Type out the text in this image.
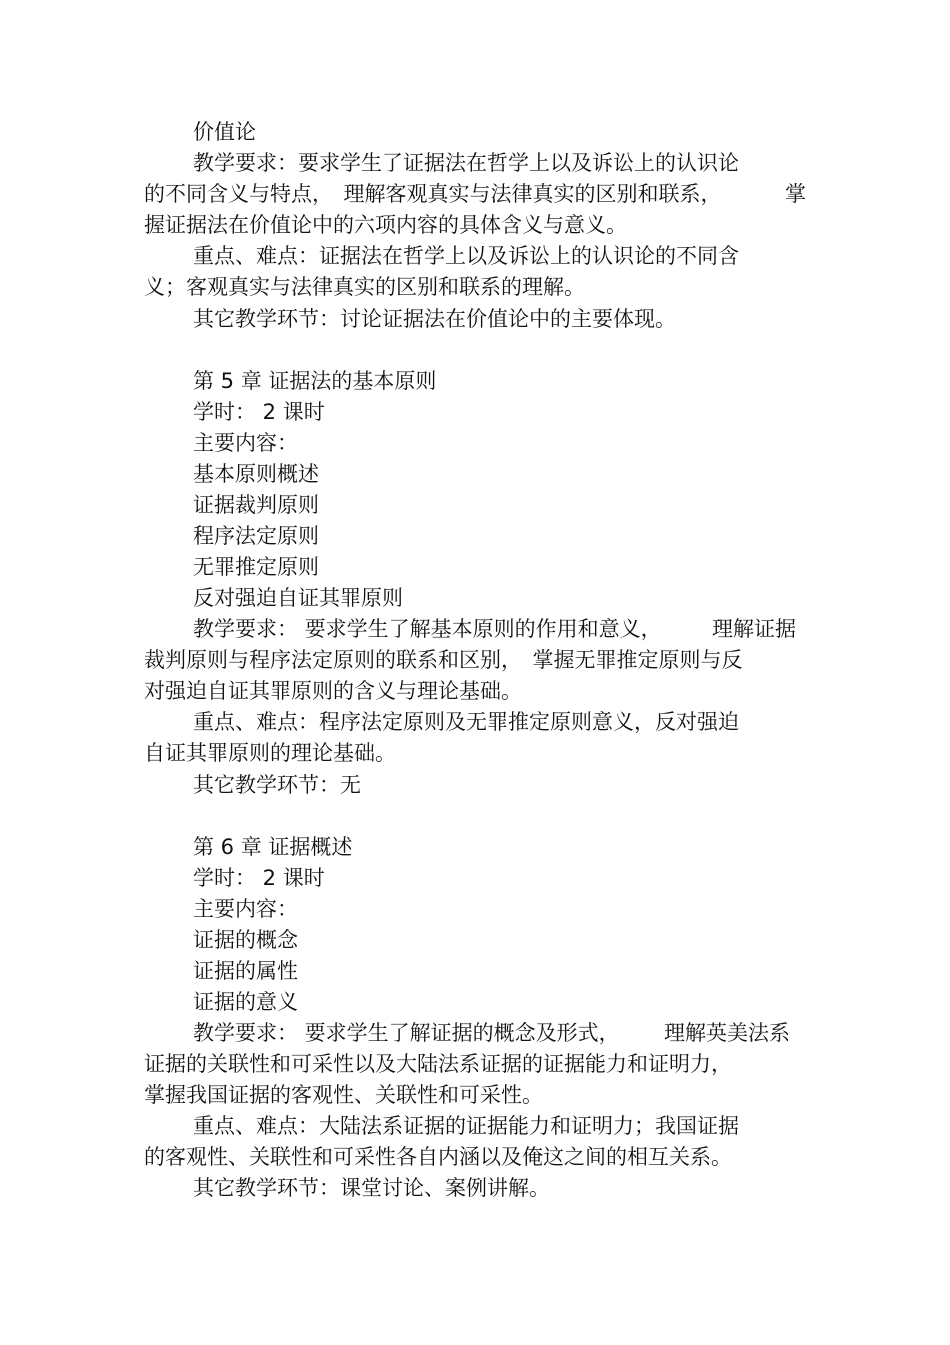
价值论
教学要求：要求学生了证据法在哲学上以及诉讼上的认识论
的不同含义与特点，　理解客观真实与法律真实的区别和联系，	掌
握证据法在价值论中的六项内容的具体含义与意义。
重点、难点：证据法在哲学上以及诉讼上的认识论的不同含
义；客观真实与法律真实的区别和联系的理解。
其它教学环节：讨论证据法在价值论中的主要体现。
第 5 章 证据法的基本原则
学时： 2 课时
主要内容：
基本原则概述
证据裁判原则
程序法定原则
无罪推定原则
反对强迫自证其罪原则
教学要求： 要求学生了解基本原则的作用和意义， 理解证据
裁判原则与程序法定原则的联系和区别，　掌握无罪推定原则与反
对强迫自证其罪原则的含义与理论基础。
重点、难点：程序法定原则及无罪推定原则意义，反对强迫
自证其罪原则的理论基础。
其它教学环节：无
第 6 章 证据概述
学时： 2 课时
主要内容：
证据的概念
证据的属性
证据的意义
教学要求： 要求学生了解证据的概念及形式， 理解英美法系
证据的关联性和可采性以及大陆法系证据的证据能力和证明力，
掌握我国证据的客观性、关联性和可采性。
重点、难点：大陆法系证据的证据能力和证明力；我国证据
的客观性、关联性和可采性各自内涵以及俺这之间的相互关系。
其它教学环节：课堂讨论、案例讲解。
